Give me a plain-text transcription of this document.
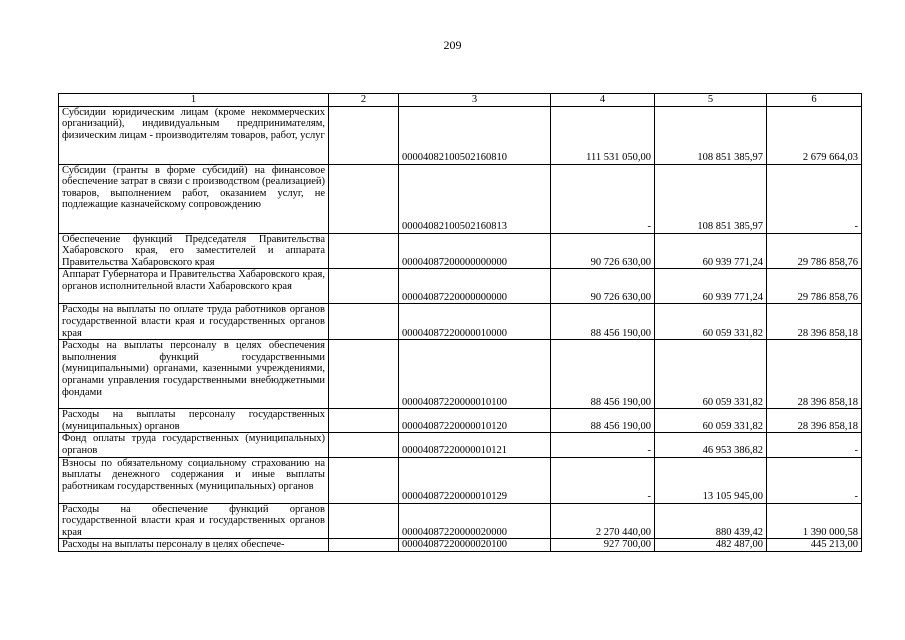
209
1	2	3	4	5	6
Субсидии юридическим лицам (кроме некоммерческих организаций), индивидуальным предпринимателям, физическим лицам - производителям товаров, работ, услуг		00004082100502160810	111 531 050,00	108 851 385,97	2 679 664,03
Субсидии (гранты в форме субсидий) на финансовое обеспечение затрат в связи с производством (реализацией) товаров, выполнением работ, оказанием услуг, не подлежащие казначейскому сопровождению		00004082100502160813	-	108 851 385,97	-
Обеспечение функций Председателя Правительства Хабаровского края, его заместителей и аппарата Правительства Хабаровского края		00004087200000000000	90 726 630,00	60 939 771,24	29 786 858,76
Аппарат Губернатора и Правительства Хабаровского края, органов исполнительной власти Хабаровского края		00004087220000000000	90 726 630,00	60 939 771,24	29 786 858,76
Расходы на выплаты по оплате труда работников органов государственной власти края и государственных органов края		00004087220000010000	88 456 190,00	60 059 331,82	28 396 858,18
Расходы на выплаты персоналу в целях обеспечения выполнения функций государственными (муниципальными) органами, казенными учреждениями, органами управления государственными внебюджетными фондами		00004087220000010100	88 456 190,00	60 059 331,82	28 396 858,18
Расходы на выплаты персоналу государственных (муниципальных) органов		00004087220000010120	88 456 190,00	60 059 331,82	28 396 858,18
Фонд оплаты труда государственных (муниципальных) органов		00004087220000010121	-	46 953 386,82	-
Взносы по обязательному социальному страхованию на выплаты денежного содержания и иные выплаты работникам государственных (муниципальных) органов		00004087220000010129	-	13 105 945,00	-
Расходы на обеспечение функций органов государственной власти края и государственных органов края		00004087220000020000	2 270 440,00	880 439,42	1 390 000,58
Расходы на выплаты персоналу в целях обеспече-		00004087220000020100	927 700,00	482 487,00	445 213,00
